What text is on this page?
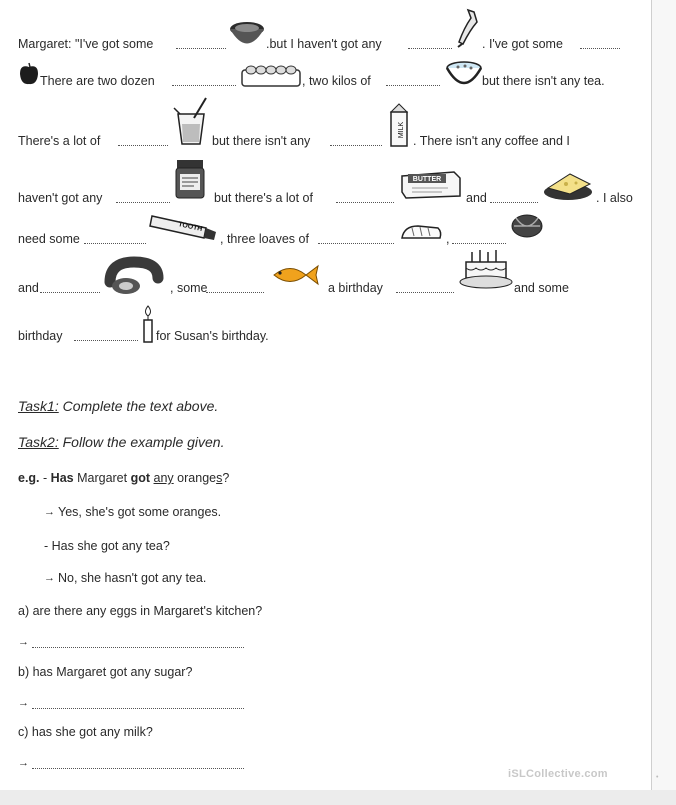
Margaret: "I've got some	.but I haven't got any	. I've got some
There are two dozen	, two kilos of	but there isn't any tea.
There's a lot of	but there isn't any
MILK
. There isn't any coffee and I
haven't got any	but there's a lot of
BUTTER
and	. I also
need some
TOOTH
, three loaves of	,
and	, some	a birthday	and some
birthday	for Susan's birthday.
Task1: Complete the text above.
Task2: Follow the example given.
e.g. - Has Margaret got any oranges?
→ Yes, she's got some oranges.
- Has she got any tea?
→ No, she hasn't got any tea.
a) are there any eggs in Margaret's kitchen?
→
b) has Margaret got any sugar?
→
c) has she got any milk?
→
iSLCollective.com	•
